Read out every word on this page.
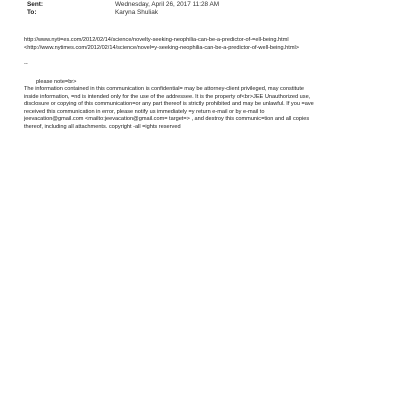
Sent:	Wednesday, April 26, 2017 11:28 AM
To:	Karyna Shuliak
http://www.nyti=es.com/2012/02/14/science/novelty-seeking-neophilia-can-be-a-predictor-of-=ell-being.html
<http://www.nytimes.com/2012/02/14/science/novel=y-seeking-neophilia-can-be-a-predictor-of-well-being.html>
--
please note=br>
The information contained in this communication is confidential= may be attorney-client privileged, may constitute
inside information, =nd is intended only for the use of the addressee. It is the property of<br>JEE Unauthorized use,
disclosure or copying of this communication=or any part thereof is strictly prohibited and may be unlawful. If you =ave
received this communication in error, please notify us immediately =y return e-mail or by e-mail to
jeevacation@gmail.com <mailto:jeevacation@gmail.com= target=> , and destroy this communic=tion and all copies
thereof, including all attachments. copyright -all =ights reserved
